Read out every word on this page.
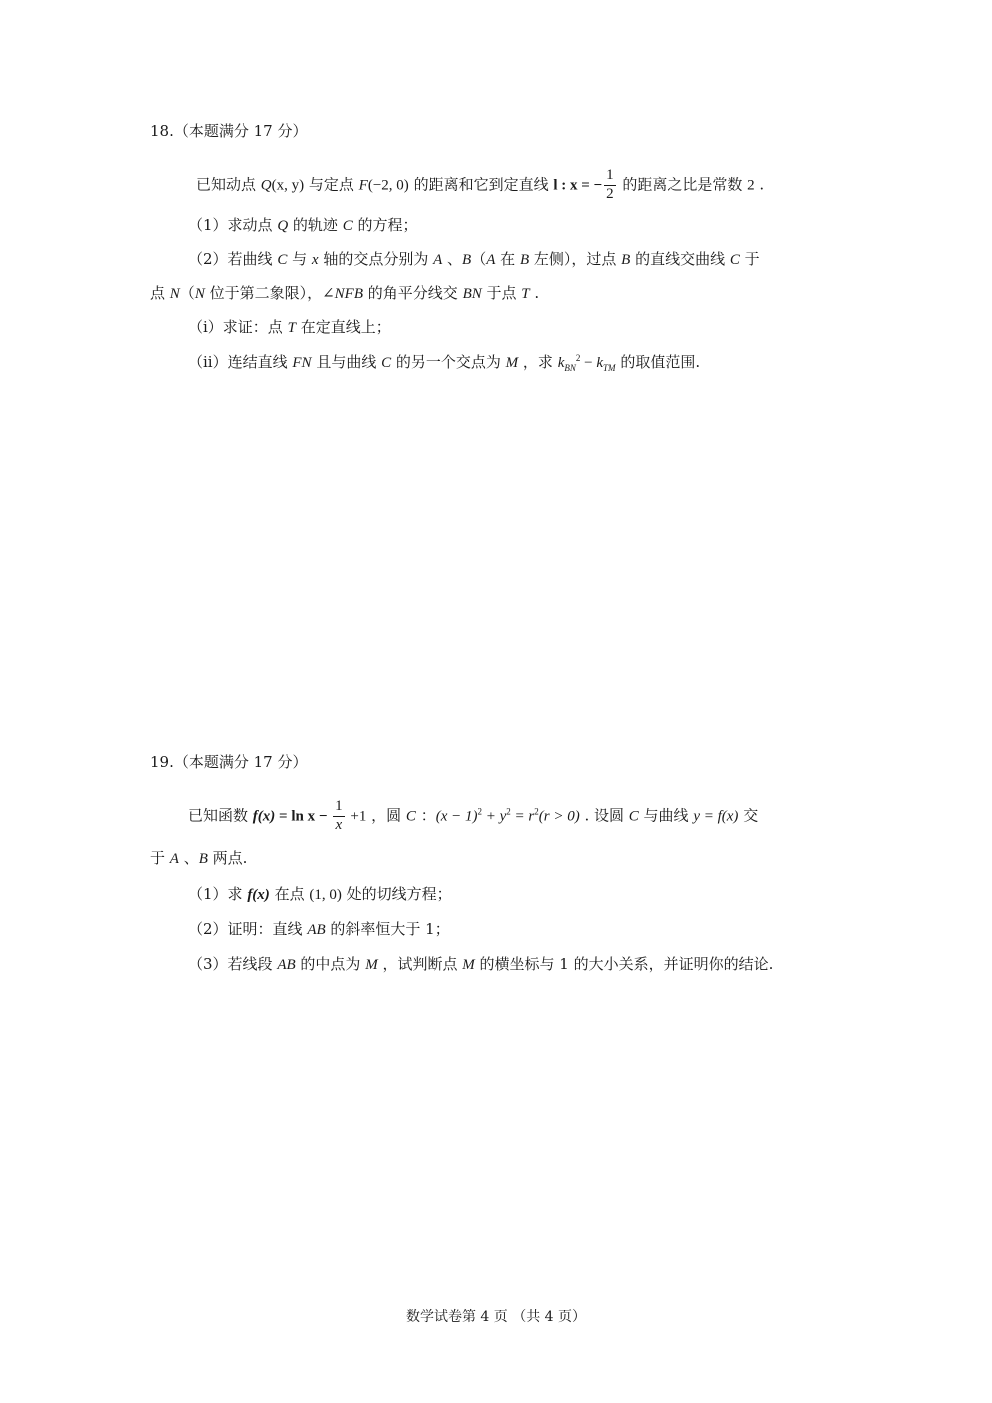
18.（本题满分 17 分）
已知动点 Q(x, y) 与定点 F(−2, 0) 的距离和它到定直线 l : x = − $\frac{1}{2}$ 的距离之比是常数 2 .
（1）求动点 Q 的轨迹 C 的方程；
（2）若曲线 C 与 x 轴的交点分别为 A 、B（A 在 B 左侧），过点 B 的直线交曲线 C 于
点 N（N 位于第二象限），∠NFB 的角平分线交 BN 于点 T .
（i）求证：点 T 在定直线上；
（ii）连结直线 FN 且与曲线 C 的另一个交点为 M ，求 $k_{BN}^2 - k_{TM}$ 的取值范围.
19.（本题满分 17 分）
已知函数 $f(x) = \ln x - \frac{1}{x} +1$ ，圆 C ：$(x - 1)^2 + y^2 = r^2(r > 0)$ . 设圆 C 与曲线 y = f(x) 交
于 A 、B 两点.
（1）求 f(x) 在点 (1, 0) 处的切线方程；
（2）证明：直线 AB 的斜率恒大于 1；
（3）若线段 AB 的中点为 M ，试判断点 M 的横坐标与 1 的大小关系，并证明你的结论.
数学试卷第 4 页 （共 4 页）
